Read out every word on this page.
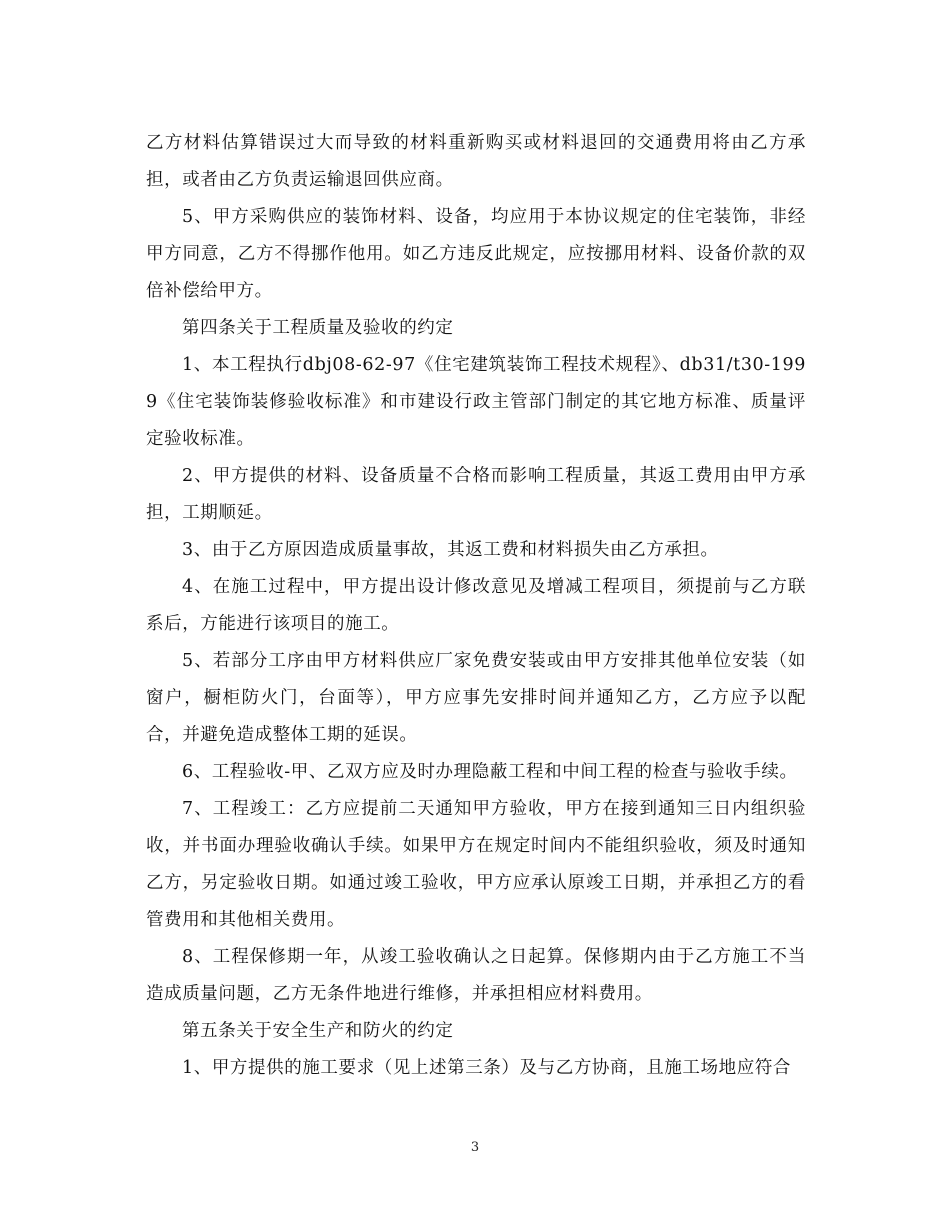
乙方材料估算错误过大而导致的材料重新购买或材料退回的交通费用将由乙方承担，或者由乙方负责运输退回供应商。

5、甲方采购供应的装饰材料、设备，均应用于本协议规定的住宅装饰，非经甲方同意，乙方不得挪作他用。如乙方违反此规定，应按挪用材料、设备价款的双倍补偿给甲方。

第四条关于工程质量及验收的约定

1、本工程执行dbj08-62-97《住宅建筑装饰工程技术规程》、db31/t30-1999《住宅装饰装修验收标准》和市建设行政主管部门制定的其它地方标准、质量评定验收标准。

2、甲方提供的材料、设备质量不合格而影响工程质量，其返工费用由甲方承担，工期顺延。

3、由于乙方原因造成质量事故，其返工费和材料损失由乙方承担。

4、在施工过程中，甲方提出设计修改意见及增减工程项目，须提前与乙方联系后，方能进行该项目的施工。

5、若部分工序由甲方材料供应厂家免费安装或由甲方安排其他单位安装（如窗户，橱柜防火门，台面等），甲方应事先安排时间并通知乙方，乙方应予以配合，并避免造成整体工期的延误。

6、工程验收-甲、乙双方应及时办理隐蔽工程和中间工程的检查与验收手续。

7、工程竣工：乙方应提前二天通知甲方验收，甲方在接到通知三日内组织验收，并书面办理验收确认手续。如果甲方在规定时间内不能组织验收，须及时通知乙方，另定验收日期。如通过竣工验收，甲方应承认原竣工日期，并承担乙方的看管费用和其他相关费用。

8、工程保修期一年，从竣工验收确认之日起算。保修期内由于乙方施工不当造成质量问题，乙方无条件地进行维修，并承担相应材料费用。

第五条关于安全生产和防火的约定

1、甲方提供的施工要求（见上述第三条）及与乙方协商，且施工场地应符合

3
